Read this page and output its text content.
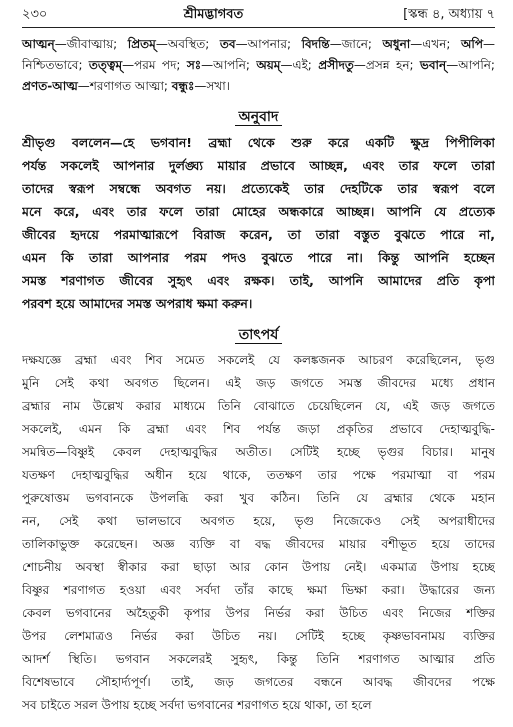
২৩০	শ্রীমদ্ভাগবত	[স্কন্ধ ৪, অধ্যায় ৭
আত্মন্—জীবাত্মায়; প্রিতম্—অবস্থিত; তব—আপনার; বিদন্তি—জানে; অধুনা—এখন; অপি—নিশ্চিতভাবে; তত্ত্বম্—পরম পদ; সঃ—আপনি; অয়ম্—এই; প্রসীদতু—প্রসন্ন হন; ভবান্—আপনি; প্রণত-আত্ম—শরণাগত আত্মা; বন্ধুঃ—সখা।
অনুবাদ
শ্রীভৃগু বললেন—হে ভগবান! ব্রহ্মা থেকে শুরু করে একটি ক্ষুদ্র পিপীলিকা
পর্যন্ত সকলেই আপনার দুর্লঙ্ঘ্য মায়ার প্রভাবে আচ্ছন্ন, এবং তার ফলে তারা
তাদের স্বরূপ সম্বন্ধে অবগত নয়। প্রত্যেকেই তার দেহটিকে তার স্বরূপ বলে
মনে করে, এবং তার ফলে তারা মোহের অন্ধকারে আচ্ছন্ন। আপনি যে প্রত্যেক
জীবের হৃদয়ে পরমাত্মারূপে বিরাজ করেন, তা তারা বস্তুত বুঝতে পারে না,
এমন কি তারা আপনার পরম পদও বুঝতে পারে না। কিন্তু আপনি হচ্ছেন
সমস্ত শরণাগত জীবের সুহৃৎ এবং রক্ষক। তাই, আপনি আমাদের প্রতি কৃপা
পরবশ হয়ে আমাদের সমস্ত অপরাধ ক্ষমা করুন।
তাৎপর্য
দক্ষযজ্ঞে ব্রহ্মা এবং শিব সমেত সকলেই যে কলঙ্কজনক আচরণ করেছিলেন, ভৃগু
মুনি সেই কথা অবগত ছিলেন। এই জড় জগতে সমস্ত জীবদের মধ্যে প্রধান
ব্রহ্মার নাম উল্লেখ করার মাধ্যমে তিনি বোঝাতে চেয়েছিলেন যে, এই জড় জগতে
সকলেই, এমন কি ব্রহ্মা এবং শিব পর্যন্ত জড়া প্রকৃতির প্রভাবে দেহাত্মবুদ্ধি-
সমন্বিত—বিষ্ণুই কেবল দেহাত্মবুদ্ধির অতীত। সেটিই হচ্ছে ভৃগুর বিচার। মানুষ
যতক্ষণ দেহাত্মবুদ্ধির অধীন হয়ে থাকে, ততক্ষণ তার পক্ষে পরমাত্মা বা পরম
পুরুষোত্তম ভগবানকে উপলব্ধি করা খুব কঠিন। তিনি যে ব্রহ্মার থেকে মহান
নন, সেই কথা ভালভাবে অবগত হয়ে, ভৃগু নিজেকেও সেই অপরাধীদের
তালিকাভুক্ত করেছেন। অজ্ঞ ব্যক্তি বা বদ্ধ জীবদের মায়ার বশীভূত হয়ে তাদের
শোচনীয় অবস্থা স্বীকার করা ছাড়া আর কোন উপায় নেই। একমাত্র উপায় হচ্ছে
বিষ্ণুর শরণাগত হওয়া এবং সর্বদা তাঁর কাছে ক্ষমা ভিক্ষা করা। উদ্ধারের জন্য
কেবল ভগবানের অহৈতুকী কৃপার উপর নির্ভর করা উচিত এবং নিজের শক্তির
উপর লেশমাত্রও নির্ভর করা উচিত নয়। সেটিই হচ্ছে কৃষ্ণভাবনাময় ব্যক্তির
আদর্শ স্থিতি। ভগবান সকলেরই সুহৃৎ, কিন্তু তিনি শরণাগত আত্মার প্রতি
বিশেষভাবে সৌহার্দ্যপূর্ণ। তাই, জড় জগতের বন্ধনে আবদ্ধ জীবদের পক্ষে
সব চাইতে সরল উপায় হচ্ছে সর্বদা ভগবানের শরণাগত হয়ে থাকা, তা হলে
